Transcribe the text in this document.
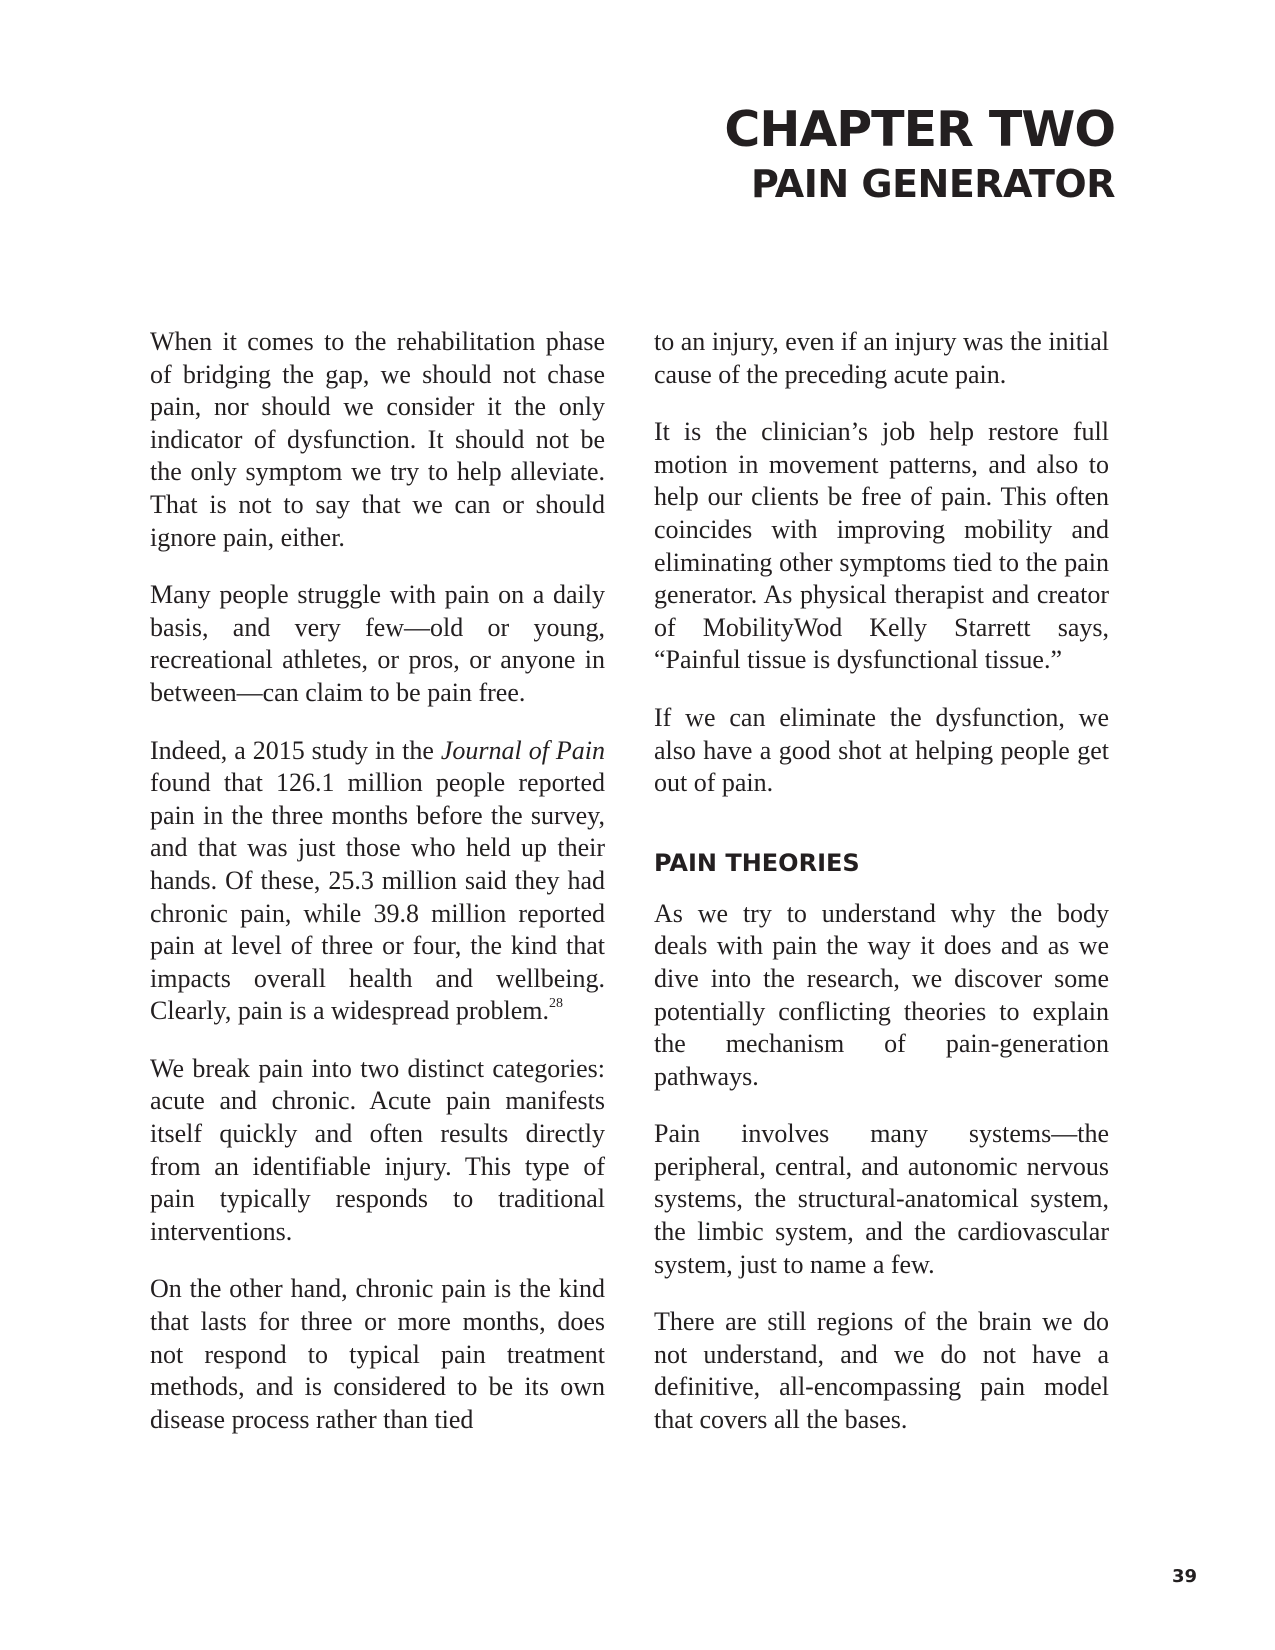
CHAPTER TWO
PAIN GENERATOR

When it comes to the rehabilitation phase of bridging the gap, we should not chase pain, nor should we consider it the only indicator of dysfunction. It should not be the only symptom we try to help alleviate. That is not to say that we can or should ignore pain, either.

Many people struggle with pain on a daily basis, and very few—old or young, recreational athletes, or pros, or anyone in between—can claim to be pain free.

Indeed, a 2015 study in the Journal of Pain found that 126.1 million people reported pain in the three months before the survey, and that was just those who held up their hands. Of these, 25.3 million said they had chronic pain, while 39.8 million reported pain at level of three or four, the kind that impacts overall health and wellbeing. Clearly, pain is a widespread problem.$^{28}$

We break pain into two distinct categories: acute and chronic. Acute pain manifests itself quickly and often results directly from an identifiable injury. This type of pain typically responds to traditional interventions.

On the other hand, chronic pain is the kind that lasts for three or more months, does not respond to typical pain treatment methods, and is considered to be its own disease process rather than tied

to an injury, even if an injury was the initial cause of the preceding acute pain.

It is the clinician’s job help restore full motion in movement patterns, and also to help our clients be free of pain. This often coincides with improving mobility and eliminating other symptoms tied to the pain generator. As physical therapist and creator of MobilityWod Kelly Starrett says, “Painful tissue is dysfunctional tissue.”

If we can eliminate the dysfunction, we also have a good shot at helping people get out of pain.

PAIN THEORIES

As we try to understand why the body deals with pain the way it does and as we dive into the research, we discover some potentially conflicting theories to explain the mechanism of pain-generation pathways.

Pain involves many systems—the peripheral, central, and autonomic nervous systems, the structural-anatomical system, the limbic system, and the cardiovascular system, just to name a few.

There are still regions of the brain we do not understand, and we do not have a definitive, all-encompassing pain model that covers all the bases.

39
